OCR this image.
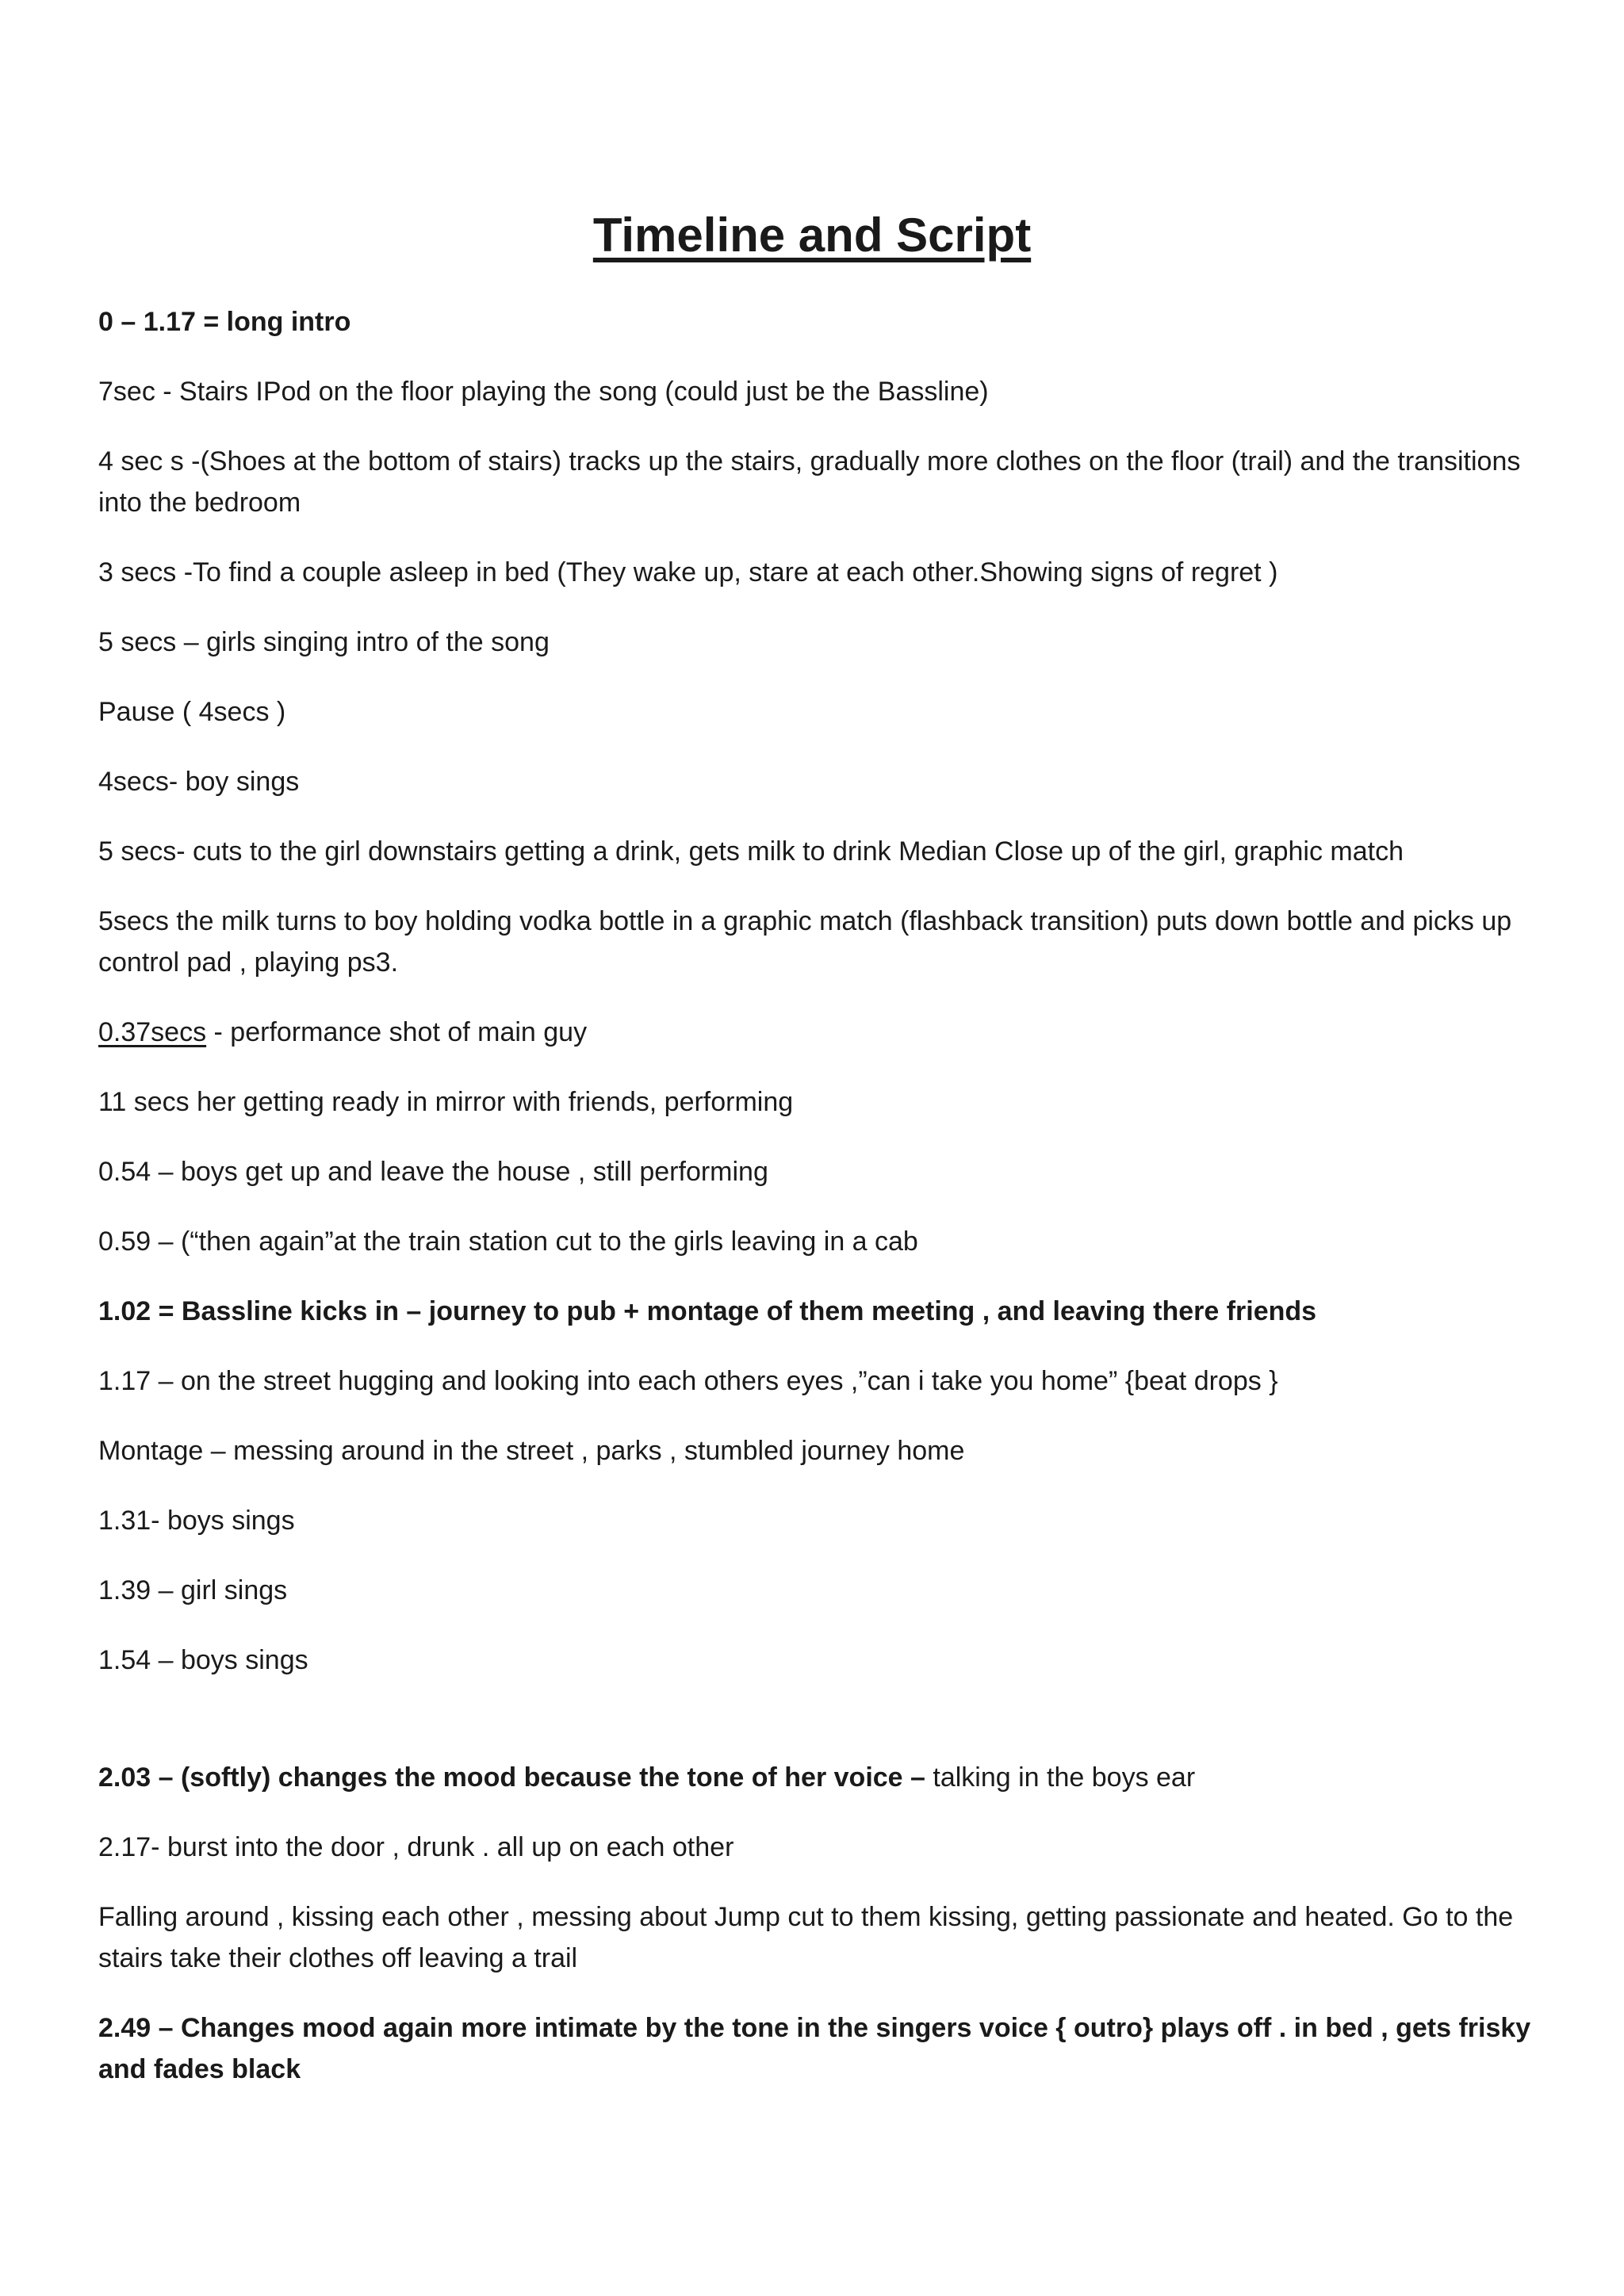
Timeline and Script

0 – 1.17 = long intro

7sec - Stairs IPod on the floor playing the song (could just be the Bassline)

4 sec s -(Shoes at the bottom of stairs) tracks up the stairs, gradually more clothes on the floor (trail) and the transitions into the bedroom

3 secs -To find a couple asleep in bed (They wake up, stare at each other.Showing signs of regret )

5 secs – girls singing intro of the song

Pause ( 4secs )

4secs- boy sings

5 secs- cuts to the girl downstairs getting a drink, gets milk to drink Median Close up of the girl, graphic match

5secs the milk turns to boy holding vodka bottle in a graphic match (flashback transition) puts down bottle and picks up control pad , playing ps3.

0.37secs - performance shot of main guy

11 secs her getting ready in mirror with friends, performing

0.54 – boys get up and leave the house , still performing

0.59 – (“then again”at the train station cut to the girls leaving in a cab

1.02 = Bassline kicks in – journey to pub + montage of them meeting , and leaving there friends

1.17 – on the street hugging and looking into each others eyes ,”can i take you home” {beat drops }

Montage – messing around in the street , parks , stumbled journey home

1.31- boys sings

1.39 – girl sings

1.54 – boys sings

2.03 – (softly) changes the mood because the tone of her voice – talking in the boys ear

2.17- burst into the door , drunk . all up on each other

Falling around , kissing each other , messing about Jump cut to them kissing, getting passionate and heated. Go to the stairs take their clothes off leaving a trail

2.49 – Changes mood again more intimate by the tone in the singers voice { outro} plays off . in bed , gets frisky and fades black
